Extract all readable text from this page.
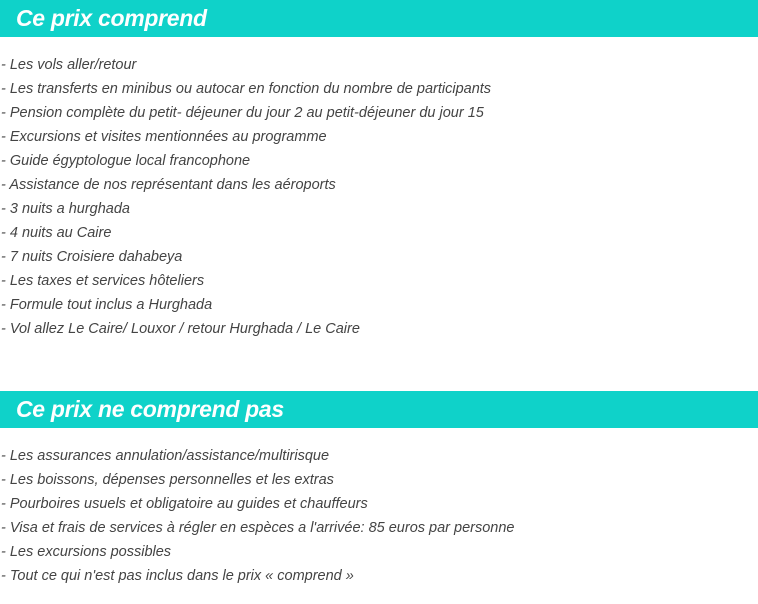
Ce prix comprend
- Les vols aller/retour
- Les transferts en minibus ou autocar en fonction du nombre de participants
- Pension complète du petit- déjeuner du jour 2 au petit-déjeuner du jour 15
- Excursions et visites mentionnées au programme
- Guide égyptologue local francophone
- Assistance de nos représentant dans les aéroports
- 3 nuits a hurghada
- 4 nuits au Caire
- 7 nuits Croisiere dahabeya
- Les taxes et services hôteliers
- Formule tout inclus a Hurghada
- Vol allez Le Caire/ Louxor / retour Hurghada / Le Caire
Ce prix ne comprend pas
- Les assurances annulation/assistance/multirisque
- Les boissons, dépenses personnelles et les extras
- Pourboires usuels et obligatoire au guides et chauffeurs
- Visa et frais de services à régler en espèces a l'arrivée: 85 euros par personne
- Les excursions possibles
- Tout ce qui n'est pas inclus dans le prix « comprend »
